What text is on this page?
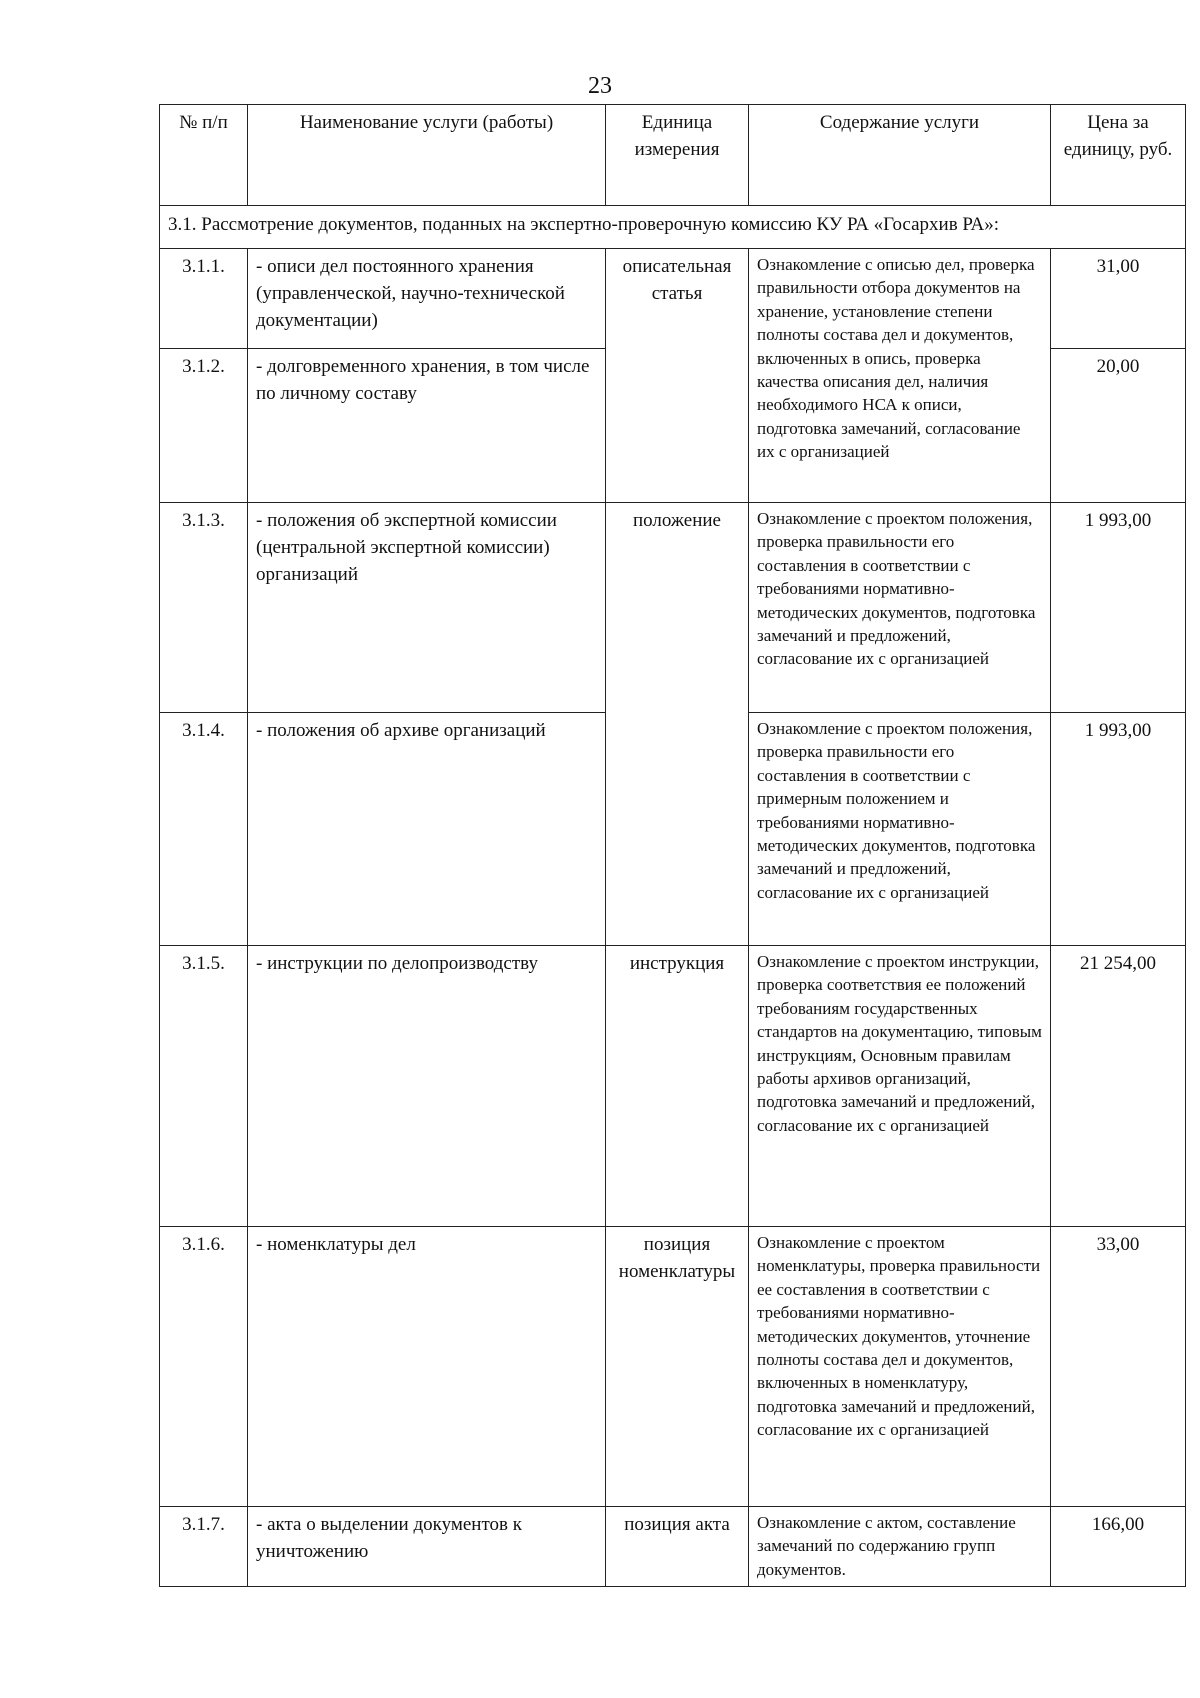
23
№ п/п	Наименование услуги (работы)	Единица измерения	Содержание услуги	Цена за единицу, руб.
3.1. Рассмотрение документов, поданных на экспертно-проверочную комиссию КУ РА «Госархив РА»:				
3.1.1.	- описи дел постоянного хранения (управленческой, научно-технической документации)	описательная статья	Ознакомление с описью дел, проверка правильности отбора документов на хранение, установление степени полноты состава дел и документов, включенных в опись, проверка качества описания дел, наличия необходимого НСА к описи, подготовка замечаний, согласование их с организацией	31,00
3.1.2.	- долговременного хранения, в том числе по личному составу			20,00
3.1.3.	- положения об экспертной комиссии (центральной экспертной комиссии) организаций	положение	Ознакомление с проектом положения, проверка правильности его составления в соответствии с требованиями нормативно-методических документов, подготовка замечаний и предложений, согласование их с организацией	1 993,00
3.1.4.	- положения об архиве организаций		Ознакомление с проектом положения, проверка правильности его составления в соответствии с примерным положением и требованиями нормативно-методических документов, подготовка замечаний и предложений, согласование их с организацией	1 993,00
3.1.5.	- инструкции по делопроизводству	инструкция	Ознакомление с проектом инструкции, проверка соответствия ее положений требованиям государственных стандартов на документацию, типовым инструкциям, Основным правилам работы архивов организаций, подготовка замечаний и предложений, согласование их с организацией	21 254,00
3.1.6.	- номенклатуры дел	позиция номенклатуры	Ознакомление с проектом номенклатуры, проверка правильности ее составления в соответствии с требованиями нормативно-методических документов, уточнение полноты состава дел и документов, включенных в номенклатуру, подготовка замечаний и предложений, согласование их с организацией	33,00
3.1.7.	- акта о выделении документов к уничтожению	позиция акта	Ознакомление с актом, составление замечаний по содержанию групп документов.	166,00
